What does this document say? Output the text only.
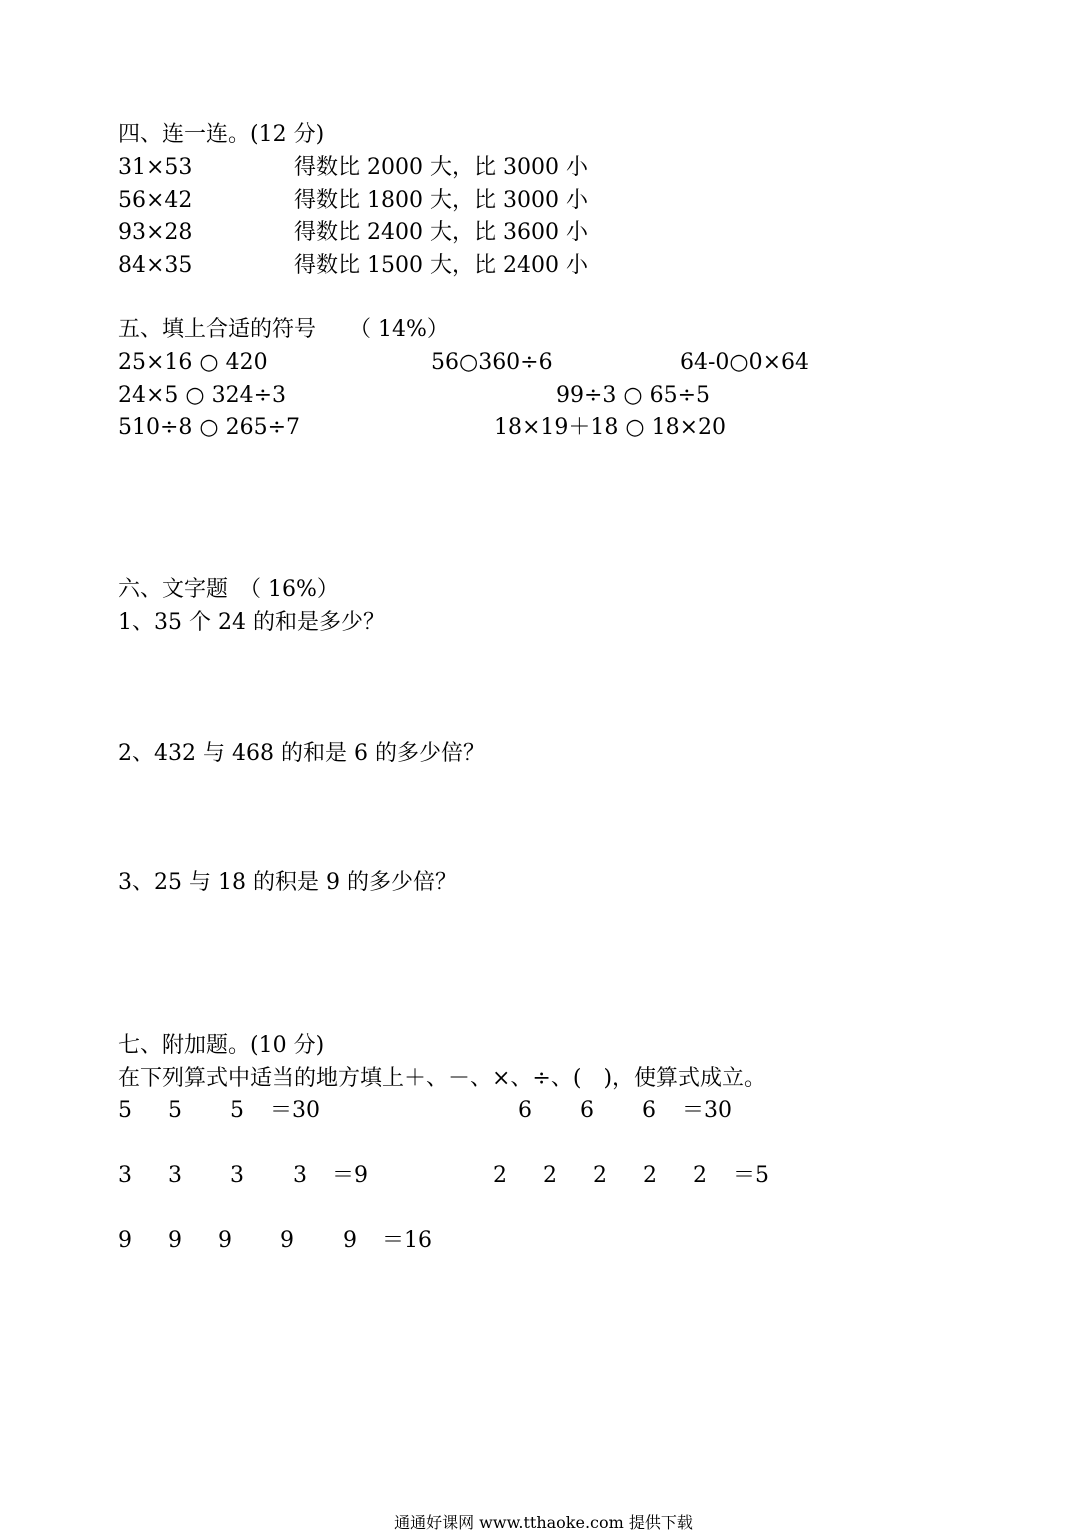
四、连一连。(12 分)
31×53	得数比 2000 大，比 3000 小
56×42	得数比 1800 大，比 3000 小
93×28	得数比 2400 大，比 3600 小
84×35	得数比 1500 大，比 2400 小
五、填上合适的符号　　（ 14%）
25×16 ○ 420	56○360÷6	64-0○0×64
24×5 ○ 324÷3	99÷3 ○ 65÷5
510÷8 ○ 265÷7	18×19＋18 ○ 18×20
六、文字题　（ 16%）
1、35 个 24 的和是多少？
2、432 与 468 的和是 6 的多少倍？
3、25 与 18 的积是 9 的多少倍？
七、附加题。(10 分)
在下列算式中适当的地方填上＋、－、×、÷、(　)，使算式成立。
5 5 5 ＝30	6 6 6 ＝30
3 3 3 3 ＝9	2 2 2 2 2 ＝5
9 9 9 9 9 ＝16
通通好课网 www.tthaoke.com 提供下载
